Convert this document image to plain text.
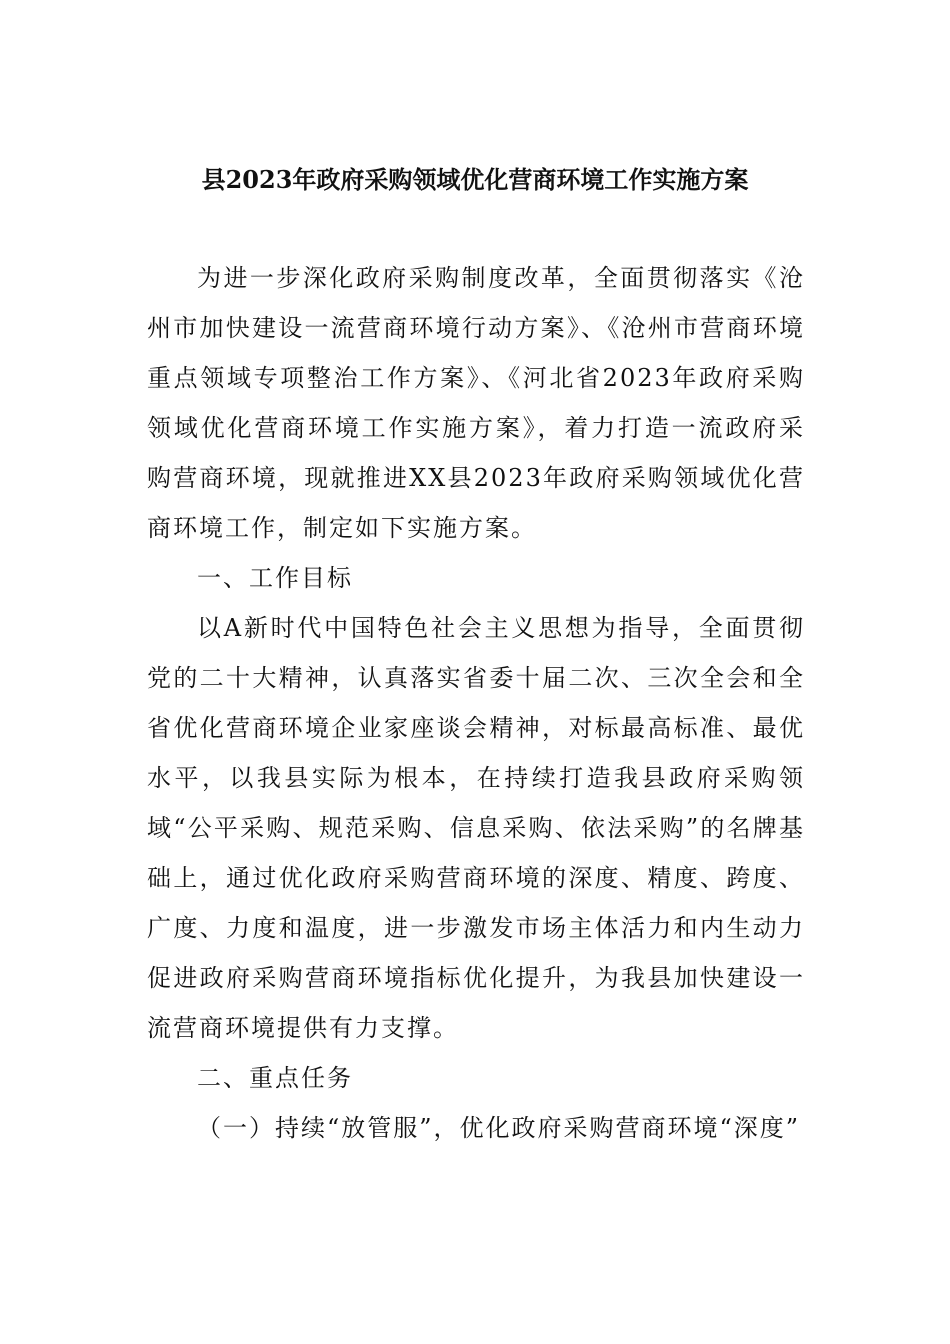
县2023年政府采购领域优化营商环境工作实施方案

为进一步深化政府采购制度改革，全面贯彻落实《沧州市加快建设一流营商环境行动方案》、《沧州市营商环境重点领域专项整治工作方案》、《河北省2023年政府采购领域优化营商环境工作实施方案》，着力打造一流政府采购营商环境，现就推进XX县2023年政府采购领域优化营商环境工作，制定如下实施方案。

一、工作目标

以A新时代中国特色社会主义思想为指导，全面贯彻党的二十大精神，认真落实省委十届二次、三次全会和全省优化营商环境企业家座谈会精神，对标最高标准、最优水平，以我县实际为根本，在持续打造我县政府采购领域“公平采购、规范采购、信息采购、依法采购”的名牌基础上，通过优化政府采购营商环境的深度、精度、跨度、广度、力度和温度，进一步激发市场主体活力和内生动力促进政府采购营商环境指标优化提升，为我县加快建设一流营商环境提供有力支撑。

二、重点任务

（一）持续“放管服”，优化政府采购营商环境“深度”
